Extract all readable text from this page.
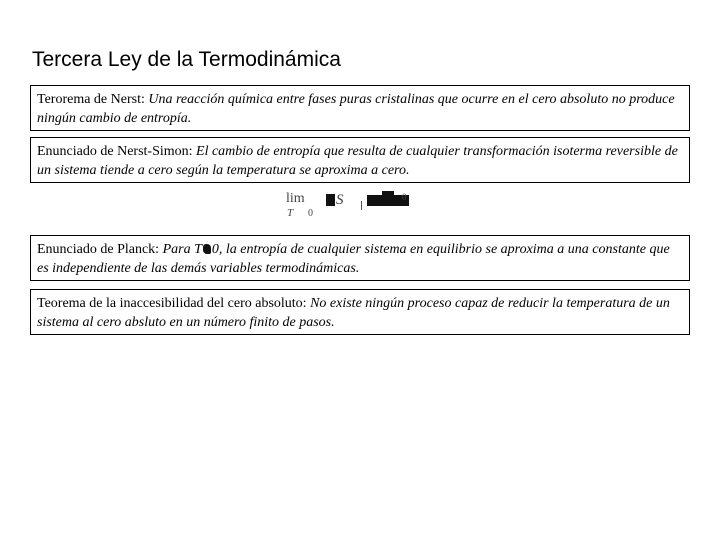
Tercera Ley de la Termodinámica
Terorema de Nerst: Una reacción química entre fases puras cristalinas que ocurre en el cero absoluto no produce ningún cambio de entropía.
Enunciado de Nerst-Simon: El cambio de entropía que resulta de cualquier transformación isoterma reversible de un sistema tiende a cero según la temperatura se aproxima a cero.
lim
T 0
S	0
Enunciado de Planck: Para T 0, la entropía de cualquier sistema en equilibrio se aproxima a una constante que es independiente de las demás variables termodinámicas.
Teorema de la inaccesibilidad del cero absoluto: No existe ningún proceso capaz de reducir la temperatura de un sistema al cero absluto en un número finito de pasos.
